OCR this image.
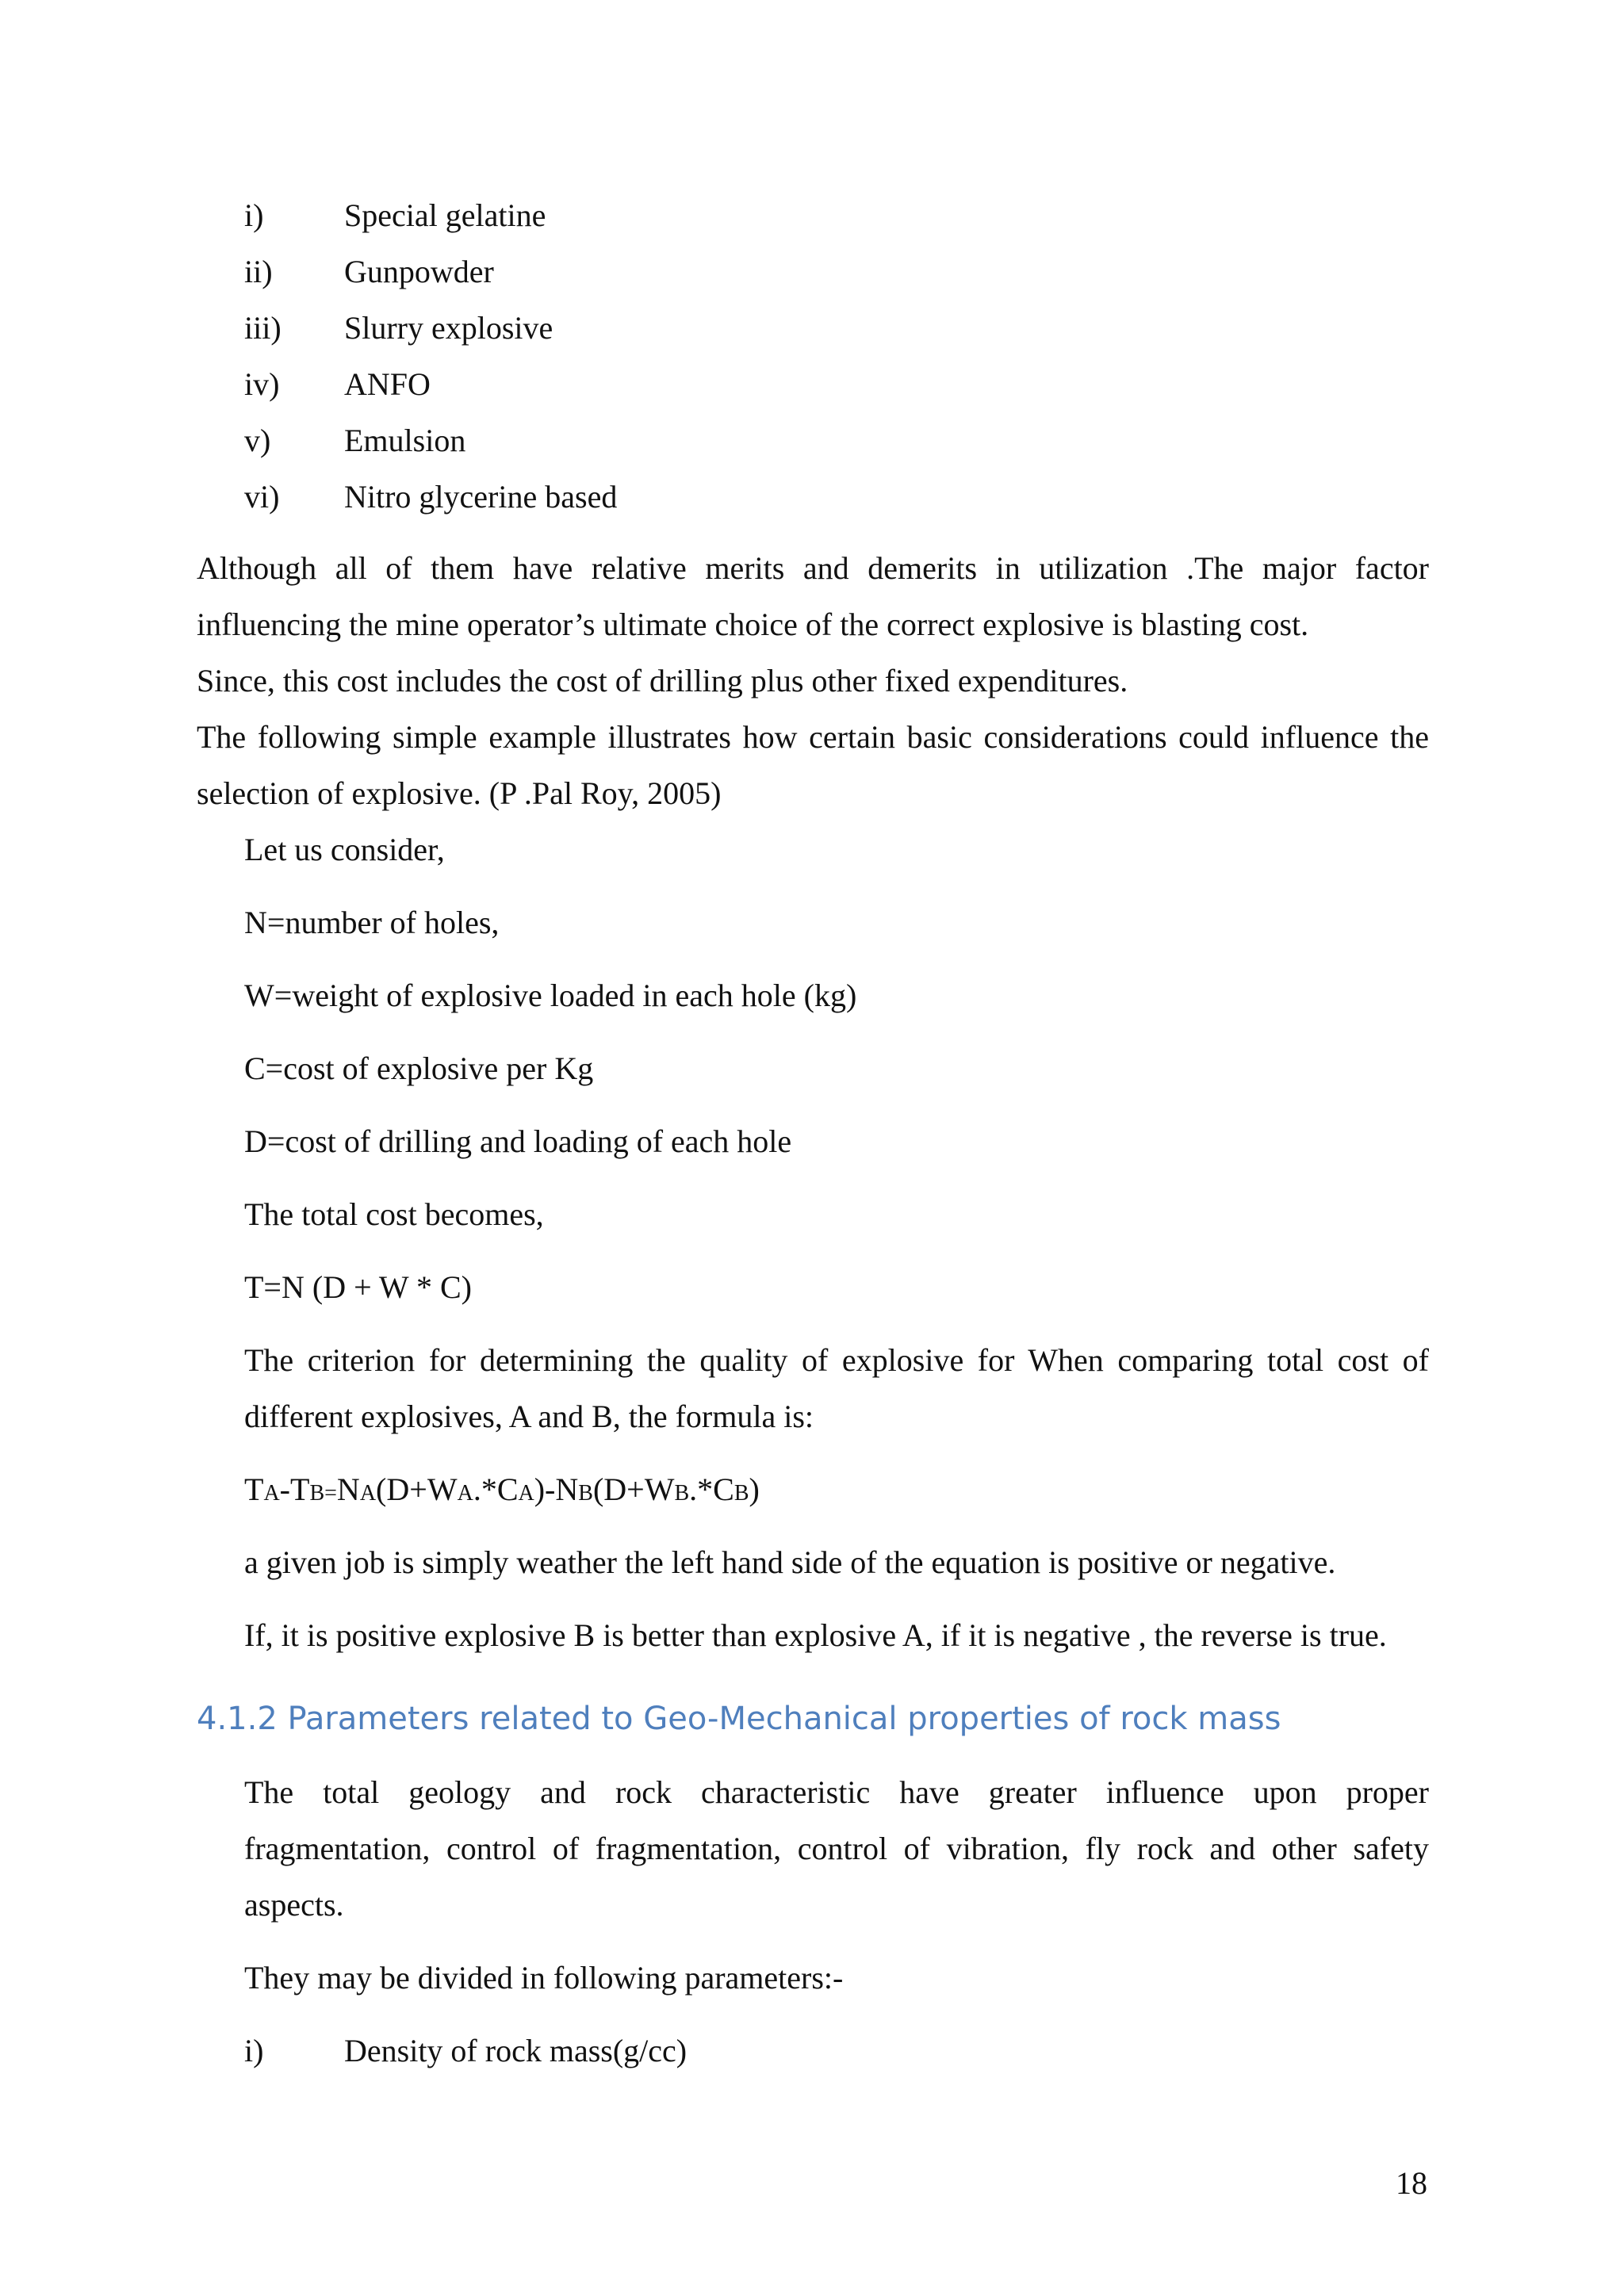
i)	Special gelatine
ii) Gunpowder
iii) Slurry explosive
iv) ANFO
v) Emulsion
vi) Nitro glycerine based
Although all of them have relative merits and demerits in utilization .The major factor
influencing the mine operator’s ultimate choice of the correct explosive is blasting cost.
Since, this cost includes the cost of drilling plus other fixed expenditures.
The following simple example illustrates how certain basic considerations could influence the
selection of explosive. (P .Pal Roy, 2005)
Let us consider,
N=number of holes,
W=weight of explosive loaded in each hole (kg)
C=cost of explosive per Kg
D=cost of drilling and loading of each hole
The total cost becomes,
T=N (D + W * C)
The criterion for determining the quality of explosive for When comparing total cost of
different explosives, A and B, the formula is:
TA-TB=NA(D+WA.*CA)-NB(D+WB.*CB)
a given job is simply weather the left hand side of the equation is positive or negative.
If, it is positive explosive B is better than explosive A, if it is negative , the reverse is true.
4.1.2 Parameters related to Geo-Mechanical properties of rock mass
The total geology and rock characteristic have greater influence upon proper
fragmentation, control of fragmentation, control of vibration, fly rock and other safety
aspects.
They may be divided in following parameters:-
i)	Density of rock mass(g/cc)
18
